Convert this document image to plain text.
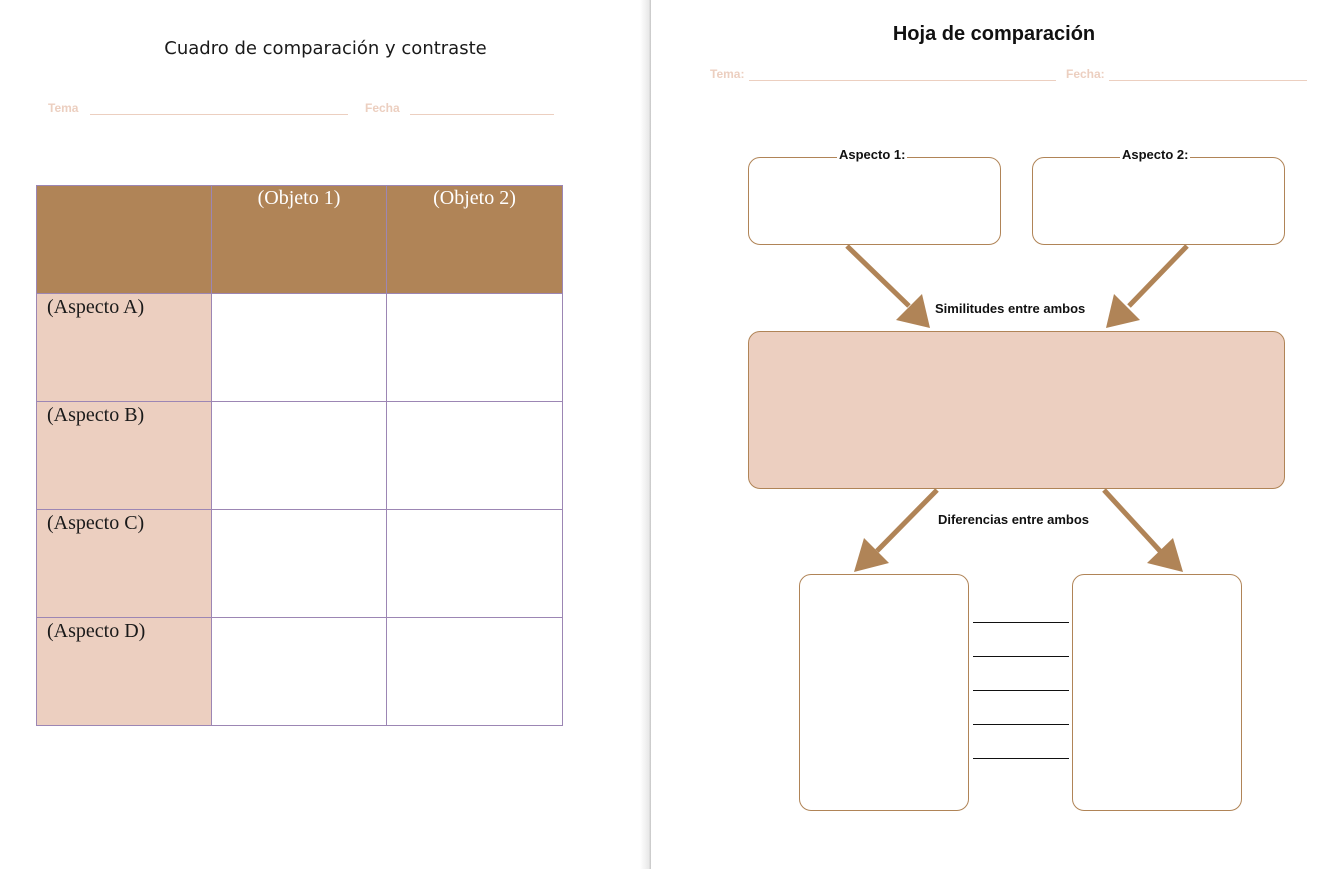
Cuadro de comparación y contraste
Tema	Fecha

	(Objeto 1)	(Objeto 2)

(Aspecto A)		

(Aspecto B)		

(Aspecto C)		

(Aspecto D)		

Hoja de comparación
Tema:	Fecha:
Aspecto 1:	Aspecto 2:
Similitudes entre ambos
Diferencias entre ambos
